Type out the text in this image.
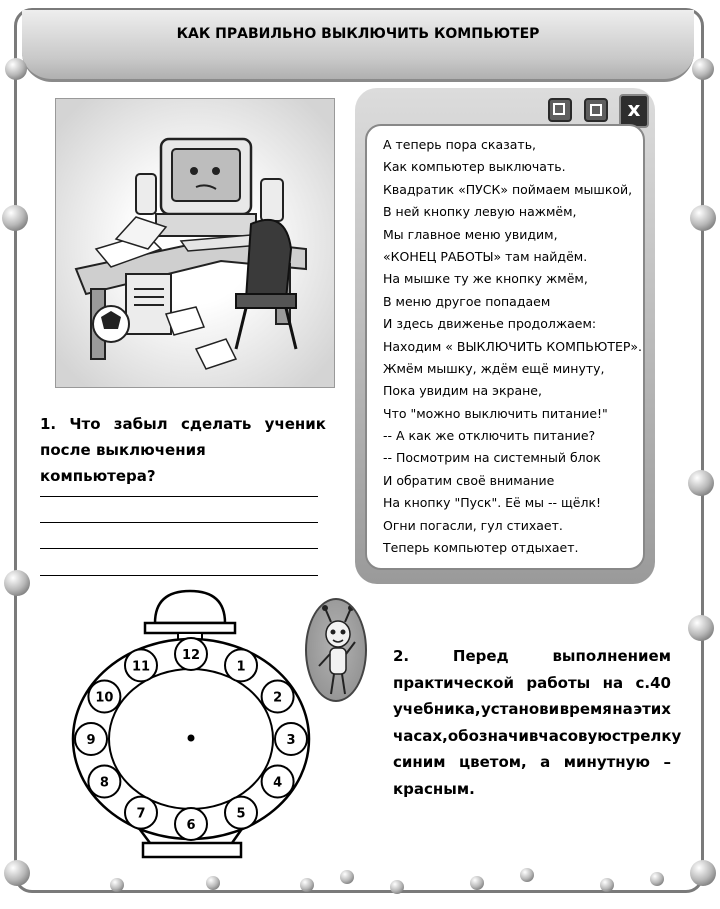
КАК ПРАВИЛЬНО ВЫКЛЮЧИТЬ КОМПЬЮТЕР
x
А теперь пора сказать,
Как компьютер выключать.
Квадратик «ПУСК» поймаем мышкой,
В ней кнопку левую нажмём,
Мы главное меню увидим,
«КОНЕЦ РАБОТЫ» там найдём.
На мышке ту же кнопку жмём,
В меню другое попадаем
И здесь движенье продолжаем:
Находим « ВЫКЛЮЧИТЬ КОМПЬЮТЕР».
Жмём мышку, ждём ещё минуту,
Пока увидим на экране,
Что "можно выключить питание!"
-- А как же отключить питание?
-- Посмотрим на системный блок
И обратим своё внимание
На кнопку "Пуск". Её мы -- щёлк!
Огни погасли, гул стихает.
Теперь компьютер отдыхает.
1. Что забыл сделать ученик
после выключения компьютера?
2.	Перед	выполнением
практической работы на с.40
учебника, установи время на этих
часах, обозначив часовую стрелку
синим цветом, а минутную –
красным.
12
1
2
3
4
5
6
7
8
9
10
11
